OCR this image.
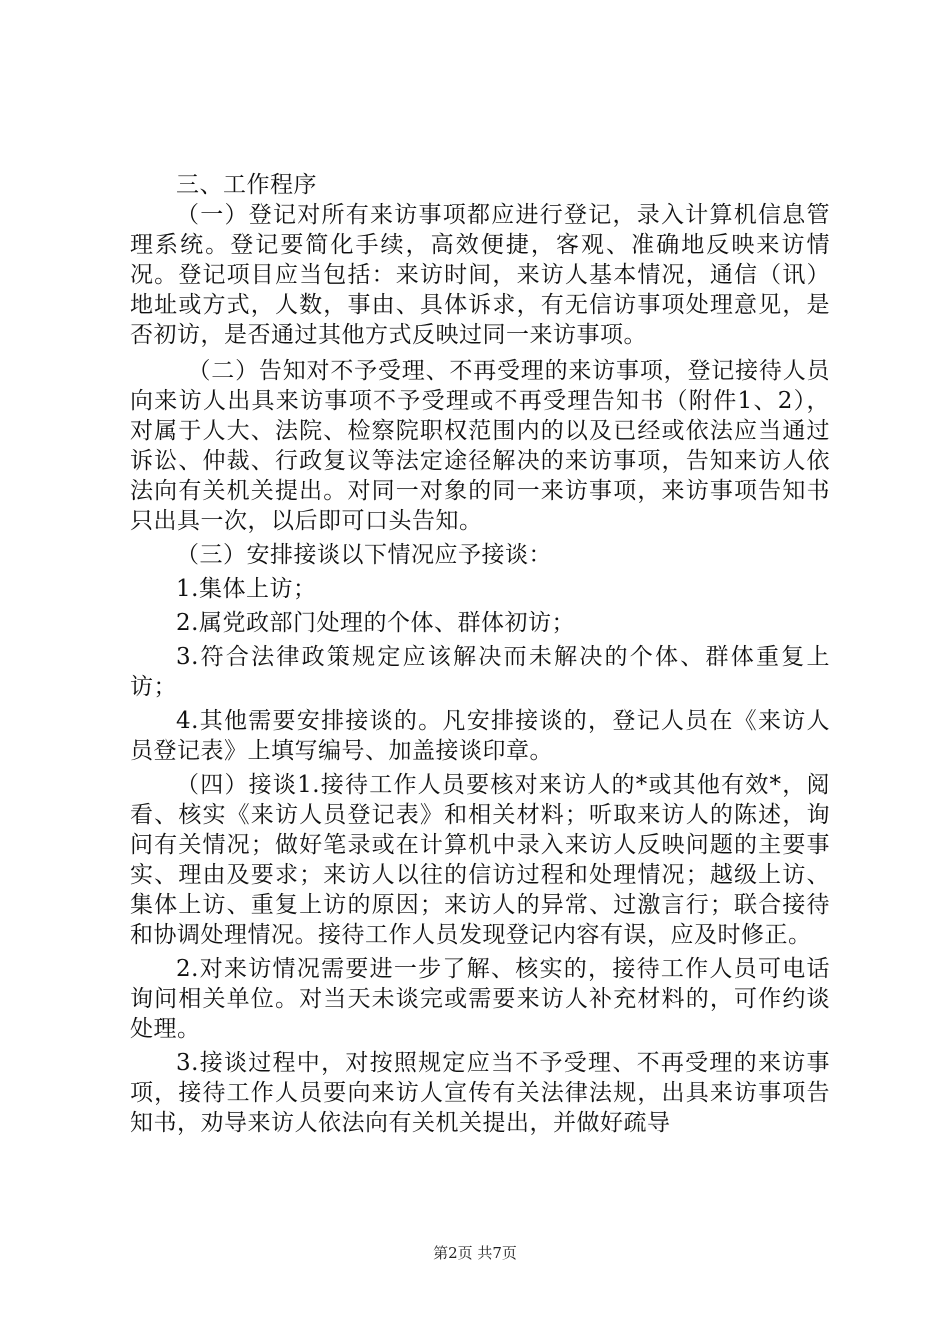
三、工作程序

（一）登记对所有来访事项都应进行登记，录入计算机信息管理系统。登记要简化手续，高效便捷，客观、准确地反映来访情况。登记项目应当包括：来访时间，来访人基本情况，通信（讯）地址或方式，人数，事由、具体诉求，有无信访事项处理意见，是否初访，是否通过其他方式反映过同一来访事项。

（二）告知对不予受理、不再受理的来访事项，登记接待人员向来访人出具来访事项不予受理或不再受理告知书（附件1、2），对属于人大、法院、检察院职权范围内的以及已经或依法应当通过诉讼、仲裁、行政复议等法定途径解决的来访事项，告知来访人依法向有关机关提出。对同一对象的同一来访事项，来访事项告知书只出具一次，以后即可口头告知。

（三）安排接谈以下情况应予接谈：

1.集体上访；

2.属党政部门处理的个体、群体初访；

3.符合法律政策规定应该解决而未解决的个体、群体重复上访；

4.其他需要安排接谈的。凡安排接谈的，登记人员在《来访人员登记表》上填写编号、加盖接谈印章。

（四）接谈1.接待工作人员要核对来访人的*或其他有效*，阅看、核实《来访人员登记表》和相关材料；听取来访人的陈述，询问有关情况；做好笔录或在计算机中录入来访人反映问题的主要事实、理由及要求；来访人以往的信访过程和处理情况；越级上访、集体上访、重复上访的原因；来访人的异常、过激言行；联合接待和协调处理情况。接待工作人员发现登记内容有误，应及时修正。

2.对来访情况需要进一步了解、核实的，接待工作人员可电话询问相关单位。对当天未谈完或需要来访人补充材料的，可作约谈处理。

3.接谈过程中，对按照规定应当不予受理、不再受理的来访事项，接待工作人员要向来访人宣传有关法律法规，出具来访事项告知书，劝导来访人依法向有关机关提出，并做好疏导

第2页 共7页
